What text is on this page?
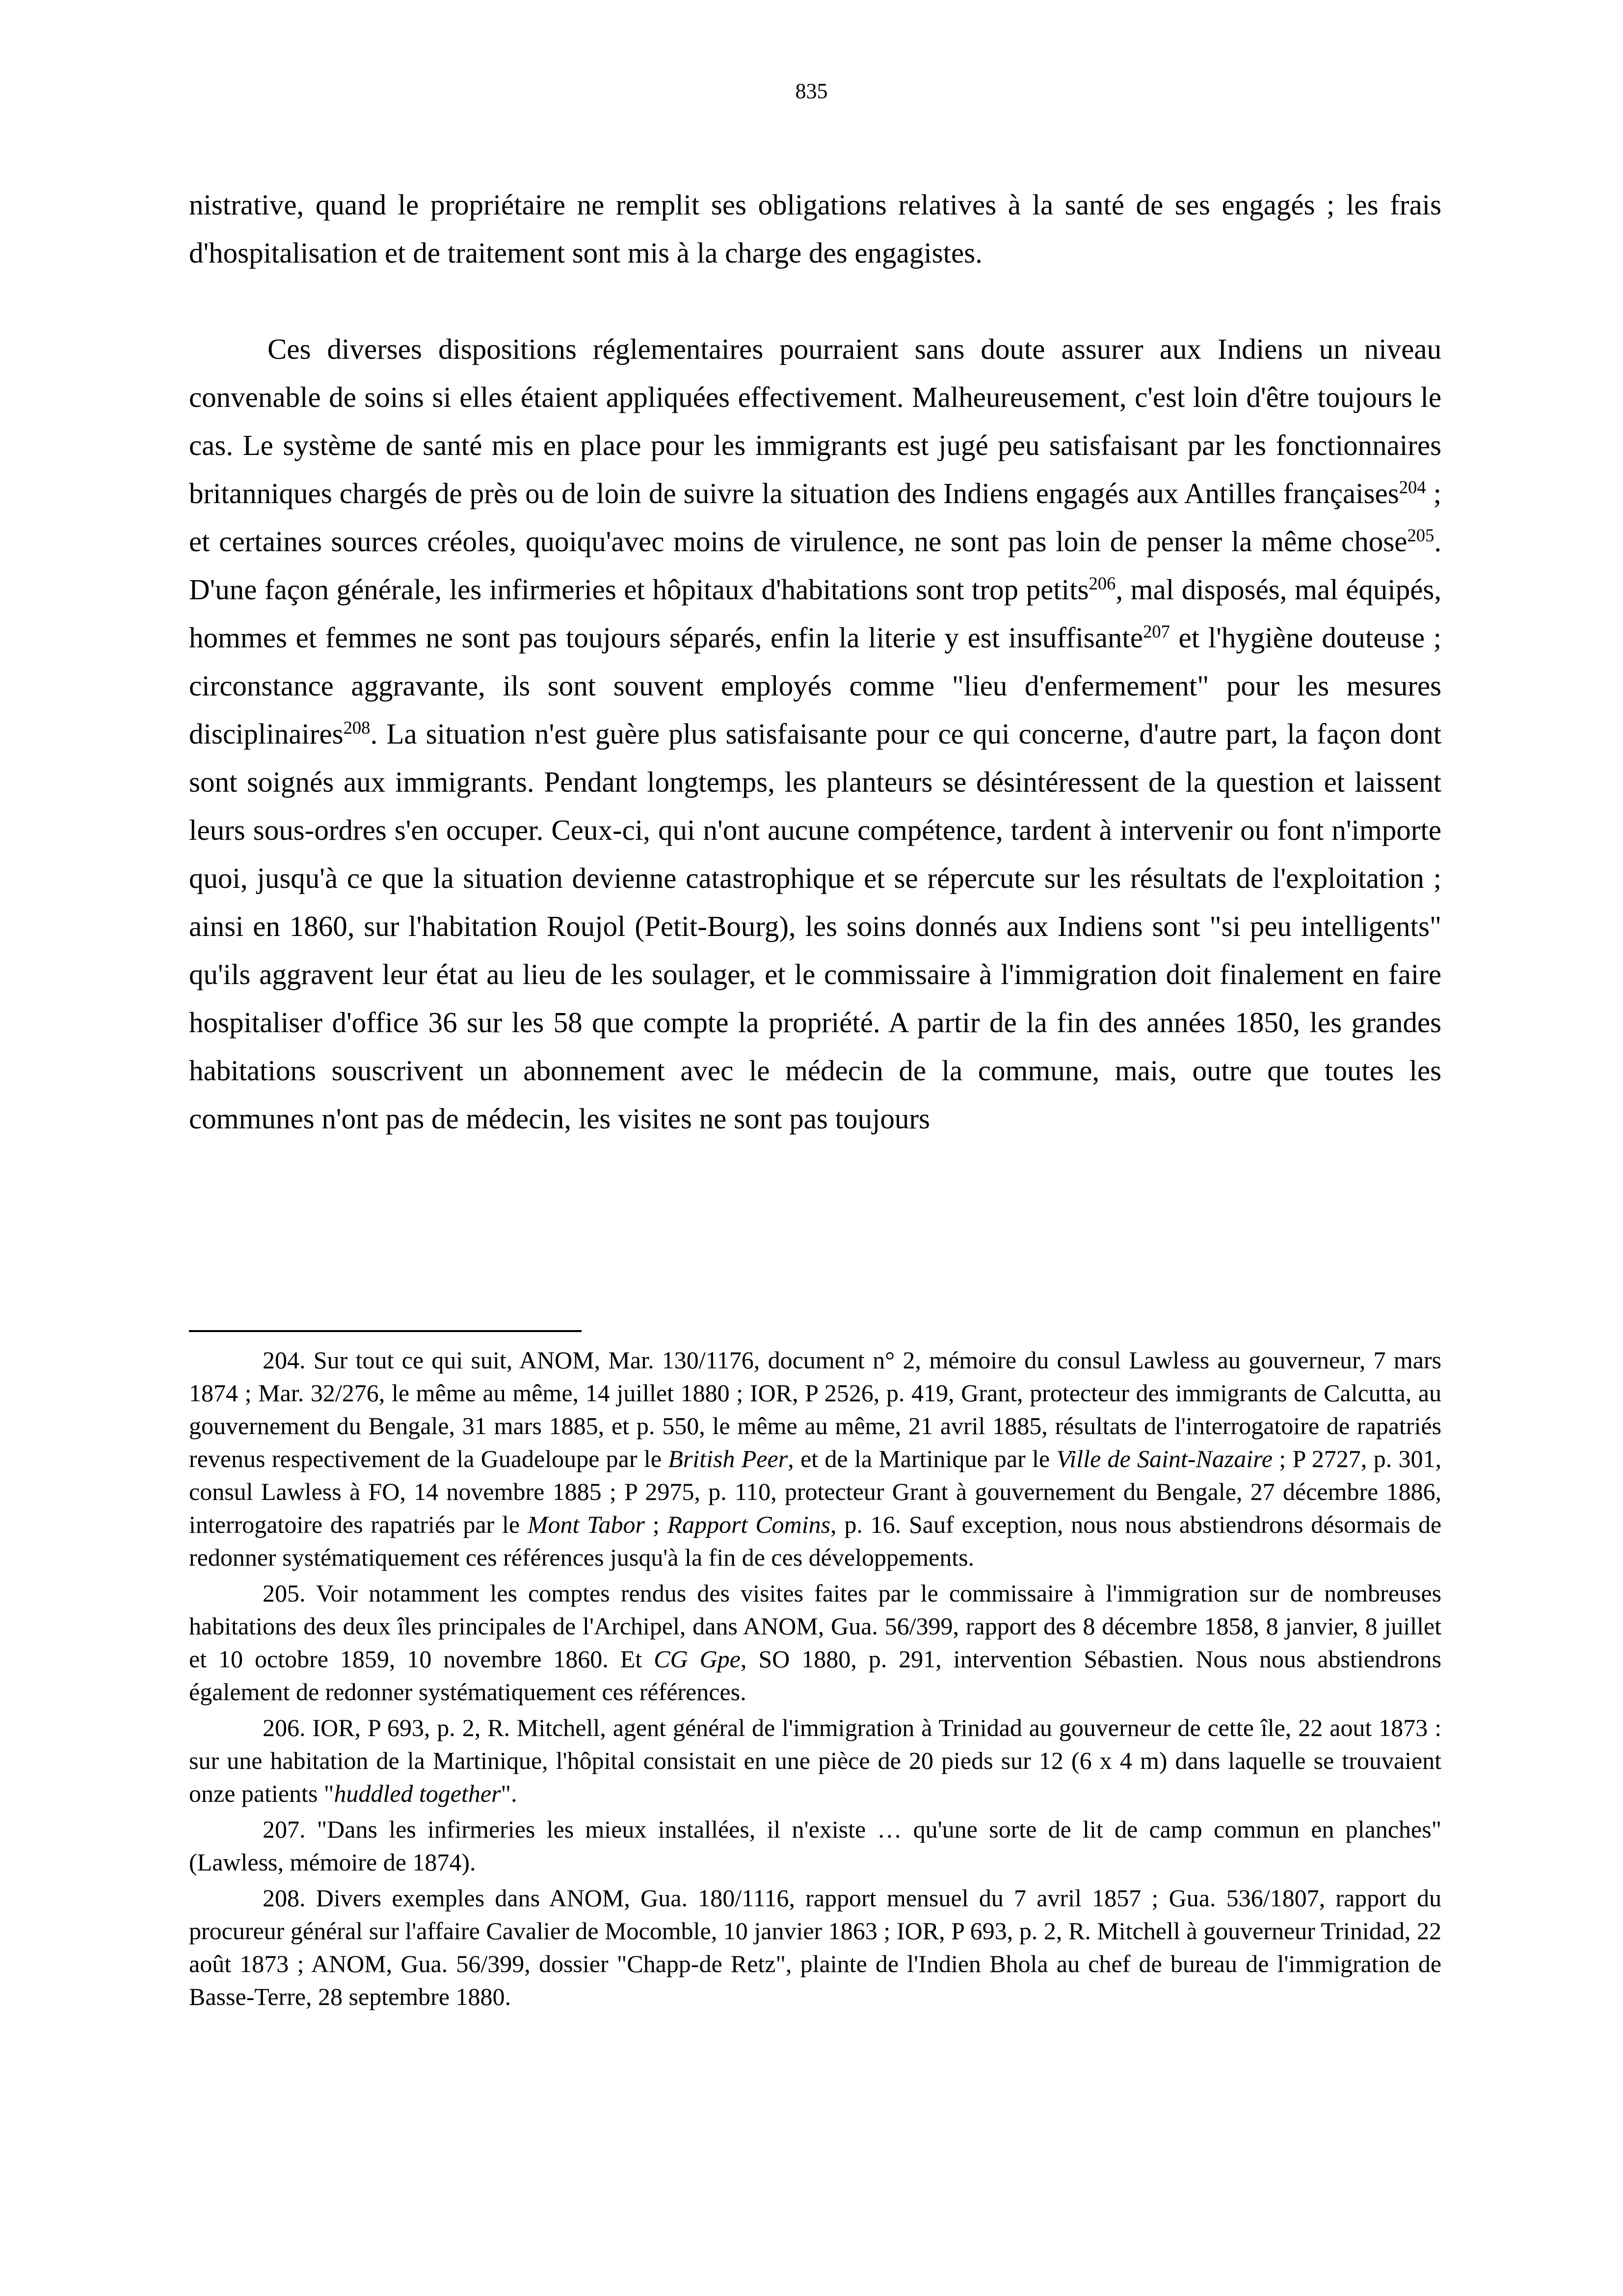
835

nistrative, quand le propriétaire ne remplit ses obligations relatives à la santé de ses engagés ; les frais d'hospitalisation et de traitement sont mis à la charge des engagistes.

Ces diverses dispositions réglementaires pourraient sans doute assurer aux Indiens un niveau convenable de soins si elles étaient appliquées effectivement. Malheureusement, c'est loin d'être toujours le cas. Le système de santé mis en place pour les immigrants est jugé peu satisfaisant par les fonctionnaires britanniques chargés de près ou de loin de suivre la situation des Indiens engagés aux Antilles françaises$^{204}$ ; et certaines sources créoles, quoiqu'avec moins de virulence, ne sont pas loin de penser la même chose$^{205}$. D'une façon générale, les infirmeries et hôpitaux d'habitations sont trop petits$^{206}$, mal disposés, mal équipés, hommes et femmes ne sont pas toujours séparés, enfin la literie y est insuffisante$^{207}$ et l'hygiène douteuse ; circonstance aggravante, ils sont souvent employés comme "lieu d'enfermement" pour les mesures disciplinaires$^{208}$. La situation n'est guère plus satisfaisante pour ce qui concerne, d'autre part, la façon dont sont soignés aux immigrants. Pendant longtemps, les planteurs se désintéressent de la question et laissent leurs sous-ordres s'en occuper. Ceux-ci, qui n'ont aucune compétence, tardent à intervenir ou font n'importe quoi, jusqu'à ce que la situation devienne catastrophique et se répercute sur les résultats de l'exploitation ; ainsi en 1860, sur l'habitation Roujol (Petit-Bourg), les soins donnés aux Indiens sont "si peu intelligents" qu'ils aggravent leur état au lieu de les soulager, et le commissaire à l'immigration doit finalement en faire hospitaliser d'office 36 sur les 58 que compte la propriété. A partir de la fin des années 1850, les grandes habitations souscrivent un abonnement avec le médecin de la commune, mais, outre que toutes les communes n'ont pas de médecin, les visites ne sont pas toujours

204. Sur tout ce qui suit, ANOM, Mar. 130/1176, document n° 2, mémoire du consul Lawless au gouverneur, 7 mars 1874 ; Mar. 32/276, le même au même, 14 juillet 1880 ; IOR, P 2526, p. 419, Grant, protecteur des immigrants de Calcutta, au gouvernement du Bengale, 31 mars 1885, et p. 550, le même au même, 21 avril 1885, résultats de l'interrogatoire de rapatriés revenus respectivement de la Guadeloupe par le British Peer, et de la Martinique par le Ville de Saint-Nazaire ; P 2727, p. 301, consul Lawless à FO, 14 novembre 1885 ; P 2975, p. 110, protecteur Grant à gouvernement du Bengale, 27 décembre 1886, interrogatoire des rapatriés par le Mont Tabor ; Rapport Comins, p. 16. Sauf exception, nous nous abstiendrons désormais de redonner systématiquement ces références jusqu'à la fin de ces développements.

205. Voir notamment les comptes rendus des visites faites par le commissaire à l'immigration sur de nombreuses habitations des deux îles principales de l'Archipel, dans ANOM, Gua. 56/399, rapport des 8 décembre 1858, 8 janvier, 8 juillet et 10 octobre 1859, 10 novembre 1860. Et CG Gpe, SO 1880, p. 291, intervention Sébastien. Nous nous abstiendrons également de redonner systématiquement ces références.

206. IOR, P 693, p. 2, R. Mitchell, agent général de l'immigration à Trinidad au gouverneur de cette île, 22 aout 1873 : sur une habitation de la Martinique, l'hôpital consistait en une pièce de 20 pieds sur 12 (6 x 4 m) dans laquelle se trouvaient onze patients "huddled together".

207. "Dans les infirmeries les mieux installées, il n'existe … qu'une sorte de lit de camp commun en planches" (Lawless, mémoire de 1874).

208. Divers exemples dans ANOM, Gua. 180/1116, rapport mensuel du 7 avril 1857 ; Gua. 536/1807, rapport du procureur général sur l'affaire Cavalier de Mocomble, 10 janvier 1863 ; IOR, P 693, p. 2, R. Mitchell à gouverneur Trinidad, 22 août 1873 ; ANOM, Gua. 56/399, dossier "Chapp-de Retz", plainte de l'Indien Bhola au chef de bureau de l'immigration de Basse-Terre, 28 septembre 1880.
